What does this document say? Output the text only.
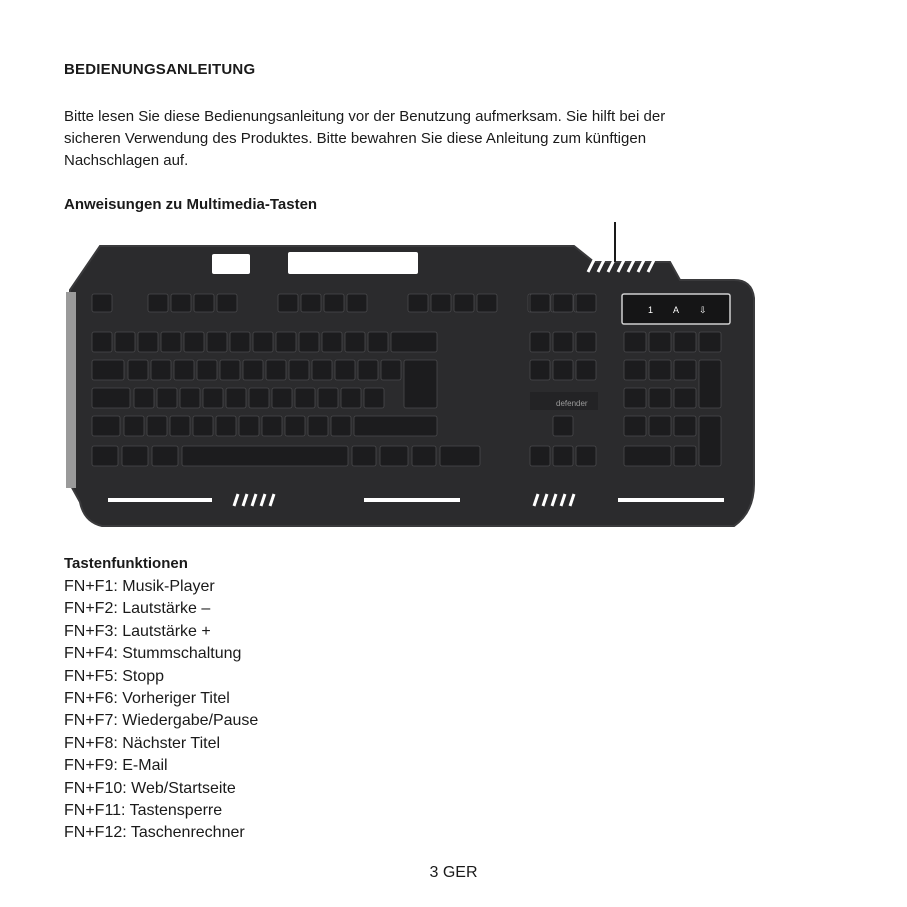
BEDIENUNGSANLEITUNG
Bitte lesen Sie diese Bedienungsanleitung vor der Benutzung aufmerksam. Sie hilft bei der
sicheren Verwendung des Produktes. Bitte bewahren Sie diese Anleitung zum künftigen
Nachschlagen auf.
Anweisungen zu Multimedia-Tasten
1 A ⇩
defender
Tastenfunktionen
FN+F1: Musik-Player
FN+F2: Lautstärke –
FN+F3: Lautstärke +
FN+F4: Stummschaltung
FN+F5: Stopp
FN+F6: Vorheriger Titel
FN+F7: Wiedergabe/Pause
FN+F8: Nächster Titel
FN+F9: E-Mail
FN+F10: Web/Startseite
FN+F11: Tastensperre
FN+F12: Taschenrechner
3 GER
